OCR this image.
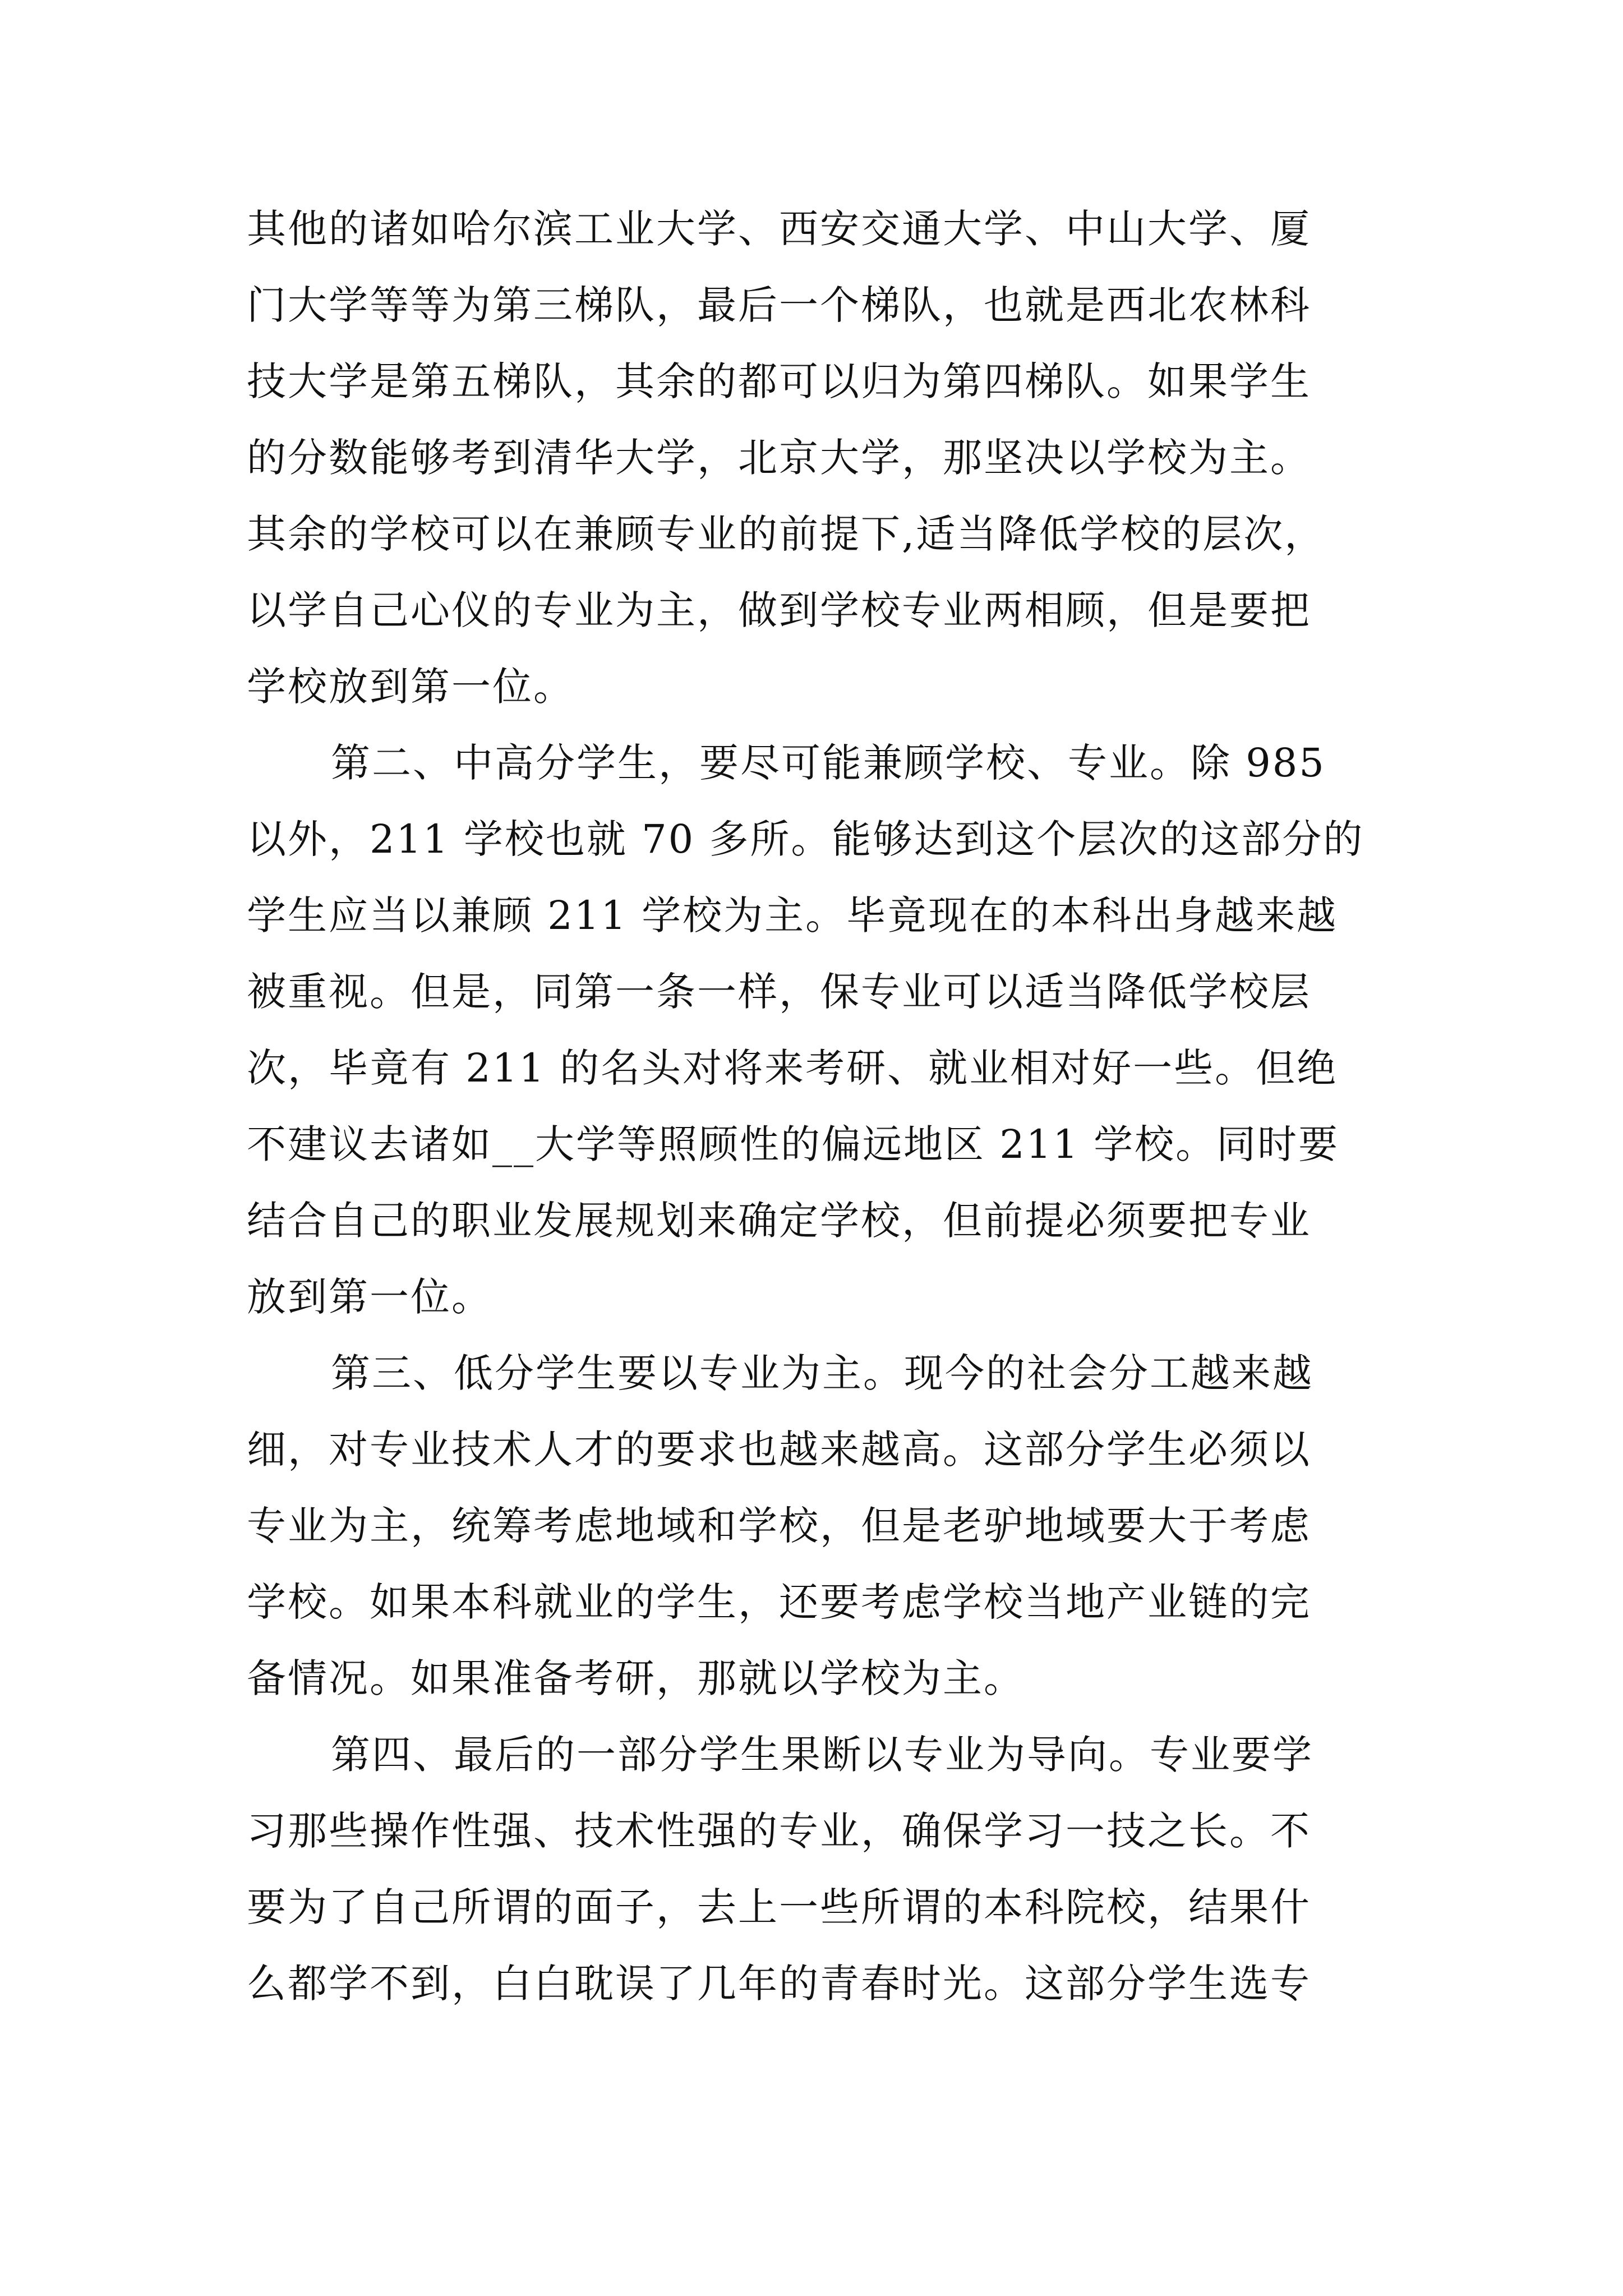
其他的诸如哈尔滨工业大学、西安交通大学、中山大学、厦
门大学等等为第三梯队，最后一个梯队，也就是西北农林科
技大学是第五梯队，其余的都可以归为第四梯队。如果学生
的分数能够考到清华大学，北京大学，那坚决以学校为主。
其余的学校可以在兼顾专业的前提下,适当降低学校的层次，
以学自己心仪的专业为主，做到学校专业两相顾，但是要把
学校放到第一位。
第二、中高分学生，要尽可能兼顾学校、专业。除 985
以外，211 学校也就 70 多所。能够达到这个层次的这部分的
学生应当以兼顾 211 学校为主。毕竟现在的本科出身越来越
被重视。但是，同第一条一样，保专业可以适当降低学校层
次，毕竟有 211 的名头对将来考研、就业相对好一些。但绝
不建议去诸如__大学等照顾性的偏远地区 211 学校。同时要
结合自己的职业发展规划来确定学校，但前提必须要把专业
放到第一位。
第三、低分学生要以专业为主。现今的社会分工越来越
细，对专业技术人才的要求也越来越高。这部分学生必须以
专业为主，统筹考虑地域和学校，但是老驴地域要大于考虑
学校。如果本科就业的学生，还要考虑学校当地产业链的完
备情况。如果准备考研，那就以学校为主。
第四、最后的一部分学生果断以专业为导向。专业要学
习那些操作性强、技术性强的专业，确保学习一技之长。不
要为了自己所谓的面子，去上一些所谓的本科院校，结果什
么都学不到，白白耽误了几年的青春时光。这部分学生选专
